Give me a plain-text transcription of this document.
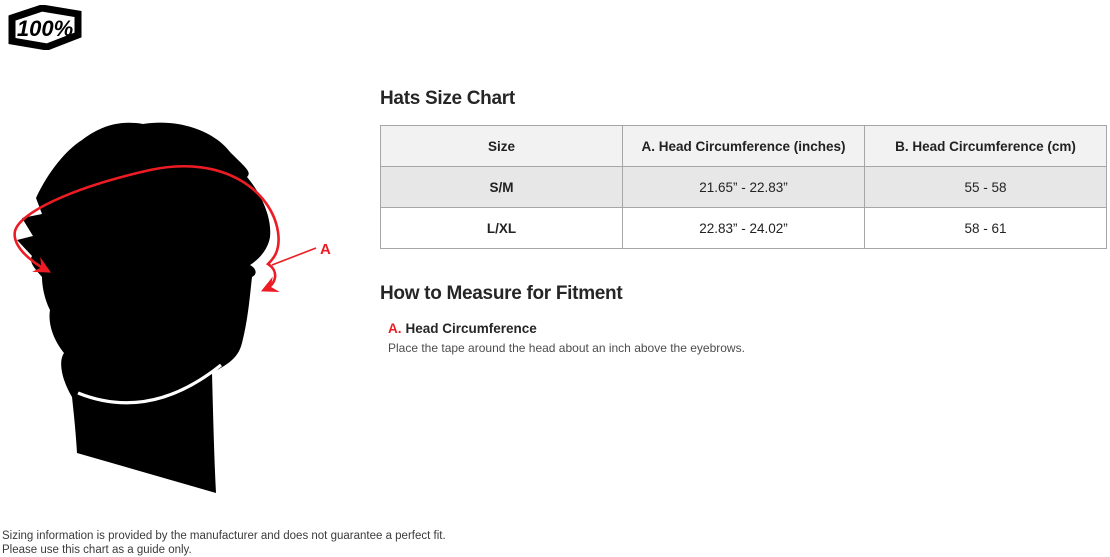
100%
A
Hats Size Chart
Size	A. Head Circumference (inches)	B. Head Circumference (cm)
S/M	21.65” - 22.83”	55 - 58
L/XL	22.83” - 24.02”	58 - 61
How to Measure for Fitment
A. Head Circumference
Place the tape around the head about an inch above the eyebrows.
Sizing information is provided by the manufacturer and does not guarantee a perfect fit.
Please use this chart as a guide only.
